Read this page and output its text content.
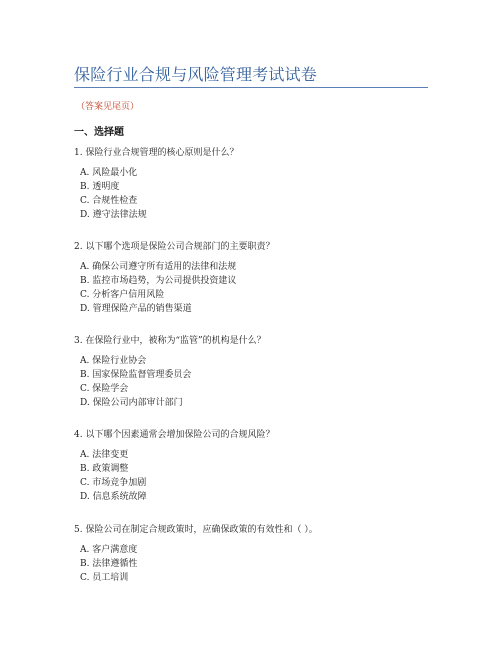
保险行业合规与风险管理考试试卷
（答案见尾页）
一、选择题
1. 保险行业合规管理的核心原则是什么？
A. 风险最小化
B. 透明度
C. 合规性检查
D. 遵守法律法规
2. 以下哪个选项是保险公司合规部门的主要职责？
A. 确保公司遵守所有适用的法律和法规
B. 监控市场趋势，为公司提供投资建议
C. 分析客户信用风险
D. 管理保险产品的销售渠道
3. 在保险行业中，被称为“监管”的机构是什么？
A. 保险行业协会
B. 国家保险监督管理委员会
C. 保险学会
D. 保险公司内部审计部门
4. 以下哪个因素通常会增加保险公司的合规风险？
A. 法律变更
B. 政策调整
C. 市场竞争加剧
D. 信息系统故障
5. 保险公司在制定合规政策时，应确保政策的有效性和（ ）。
A. 客户满意度
B. 法律遵循性
C. 员工培训
